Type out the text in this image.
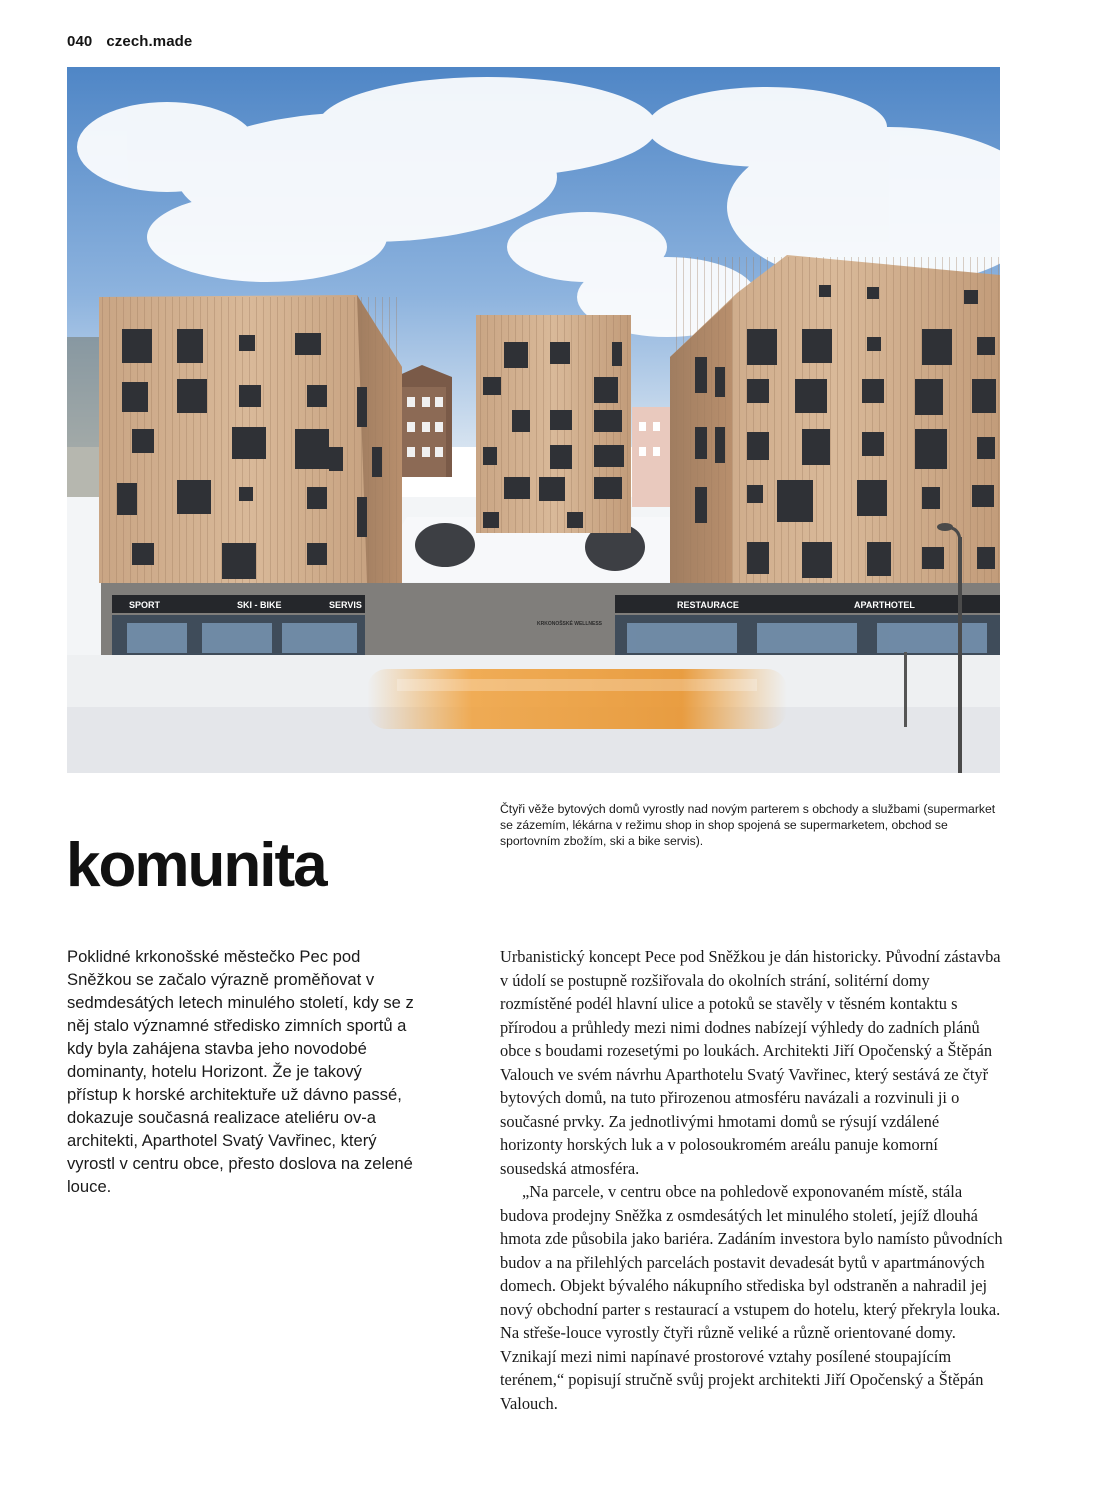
040 czech.made
SPORT	SKI - BIKE	SERVIS	RESTAURACE	APARTHOTEL
KRKONOŠSKÉ WELLNESS
Čtyři věže bytových domů vyrostly nad novým parterem s obchody a službami (supermarket se zázemím, lékárna v režimu shop in shop spojená se supermarketem, obchod se sportovním zbožím, ski a bike servis).
komunita

Poklidné krkonošské městečko Pec pod Sněžkou se začalo výrazně proměňovat v sedmdesátých letech minulého století, kdy se z něj stalo významné středisko zimních sportů a kdy byla zahájena stavba jeho novodobé dominanty, hotelu Horizont. Že je takový přístup k horské architektuře už dávno passé, dokazuje současná realizace ateliéru ov-a architekti, Aparthotel Svatý Vavřinec, který vyrostl v centru obce, přesto doslova na zelené louce.

Urbanistický koncept Pece pod Sněžkou je dán historicky. Původní zástavba v údolí se postupně rozšiřovala do okolních strání, solitérní domy rozmístěné podél hlavní ulice a potoků se stavěly v těsném kontaktu s přírodou a průhledy mezi nimi dodnes nabízejí výhledy do zadních plánů obce s boudami rozesetými po loukách. Architekti Jiří Opočenský a Štěpán Valouch ve svém návrhu Aparthotelu Svatý Vavřinec, který sestává ze čtyř bytových domů, na tuto přirozenou atmosféru navázali a rozvinuli ji o současné prvky. Za jednotlivými hmotami domů se rýsují vzdálené horizonty horských luk a v polosoukromém areálu panuje komorní sousedská atmosféra.

„Na parcele, v centru obce na pohledově exponovaném místě, stála budova prodejny Sněžka z osmdesátých let minulého století, jejíž dlouhá hmota zde působila jako bariéra. Zadáním investora bylo namísto původních budov a na přilehlých parcelách postavit devadesát bytů v apartmánových domech. Objekt bývalého nákupního střediska byl odstraněn a nahradil jej nový obchodní parter s restaurací a vstupem do hotelu, který překryla louka. Na střeše-louce vyrostly čtyři různě veliké a různě orientované domy. Vznikají mezi nimi napínavé prostorové vztahy posílené stoupajícím terénem,“ popisují stručně svůj projekt architekti Jiří Opočenský a Štěpán Valouch.
